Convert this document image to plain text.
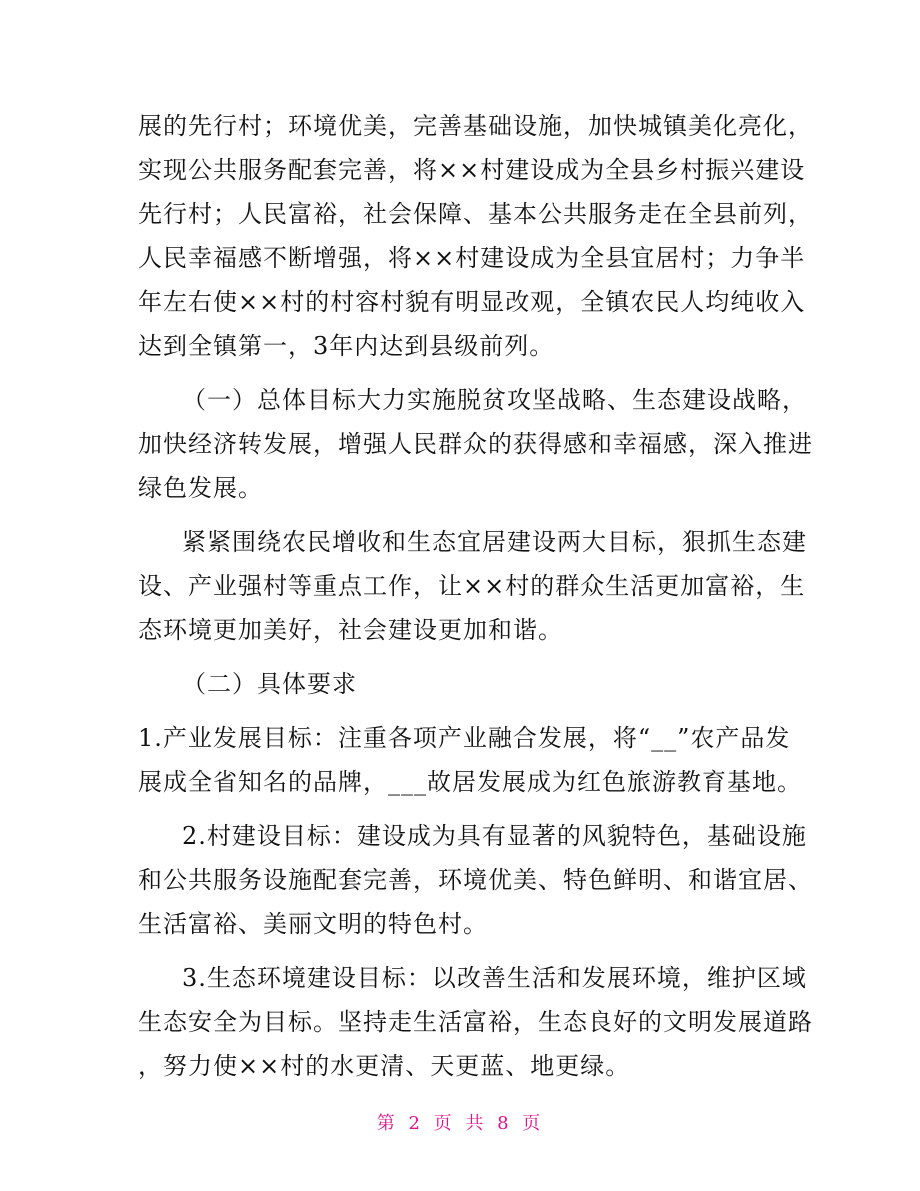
展的先行村；环境优美，完善基础设施，加快城镇美化亮化，
实现公共服务配套完善，将××村建设成为全县乡村振兴建设
先行村；人民富裕，社会保障、基本公共服务走在全县前列，
人民幸福感不断增强，将××村建设成为全县宜居村；力争半
年左右使××村的村容村貌有明显改观，全镇农民人均纯收入
达到全镇第一，3年内达到县级前列。
（一）总体目标大力实施脱贫攻坚战略、生态建设战略，
加快经济转发展，增强人民群众的获得感和幸福感，深入推进
绿色发展。
紧紧围绕农民增收和生态宜居建设两大目标，狠抓生态建
设、产业强村等重点工作，让××村的群众生活更加富裕，生
态环境更加美好，社会建设更加和谐。
（二）具体要求
1.产业发展目标：注重各项产业融合发展，将“__”农产品发
展成全省知名的品牌，___故居发展成为红色旅游教育基地。
2.村建设目标：建设成为具有显著的风貌特色，基础设施
和公共服务设施配套完善，环境优美、特色鲜明、和谐宜居、
生活富裕、美丽文明的特色村。
3.生态环境建设目标：以改善生活和发展环境，维护区域
生态安全为目标。坚持走生活富裕，生态良好的文明发展道路
，努力使××村的水更清、天更蓝、地更绿。
第 2 页 共 8 页
